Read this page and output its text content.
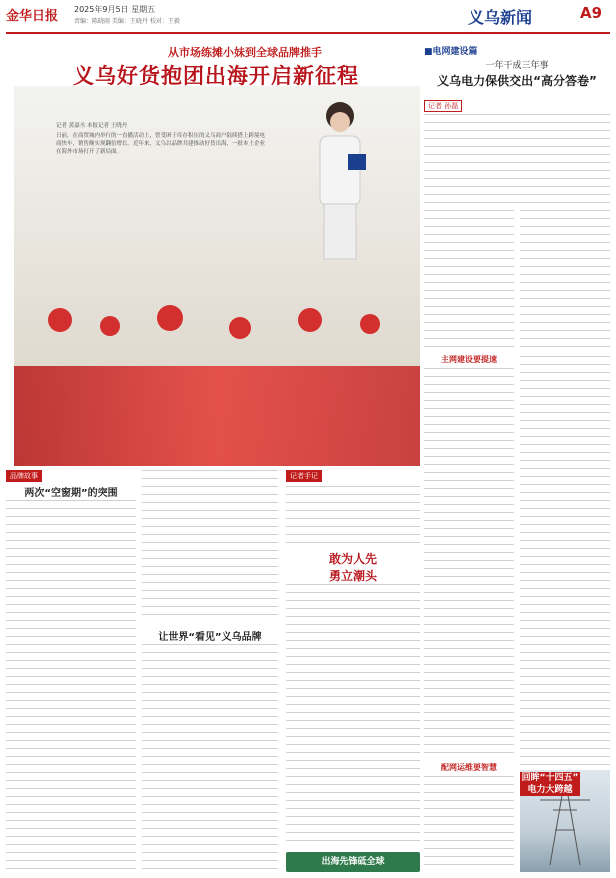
金华日报 2025年9月5日 星期五
责编：陈晓雨 美编：王晓丹 校对：王毅	义乌新闻	A9
从市场练摊小妹到全球品牌推手
义乌好货抱团出海开启新征程
记者 黄嘉丞 本报记者 王晓丹
日前，在商贸城内举行的一直播活动上，曾受困于库存积压的义乌商户陆续搭上跨境电商快车，销售额实现翻倍增长。近年来，义乌以品牌共建推动好货出海，一批本土企业在海外市场打开了新局面。
品牌故事
两次“空窗期”的突围
让世界“看见”义乌品牌
记者手记
敢为人先
勇立潮头
出海先锋砥全球
■电网建设篇
一年干成三年事
义乌电力保供交出“高分答卷”
记者 孙磊
主网建设要提速
配网运维要智慧
回眸“十四五”
电力大跨越
